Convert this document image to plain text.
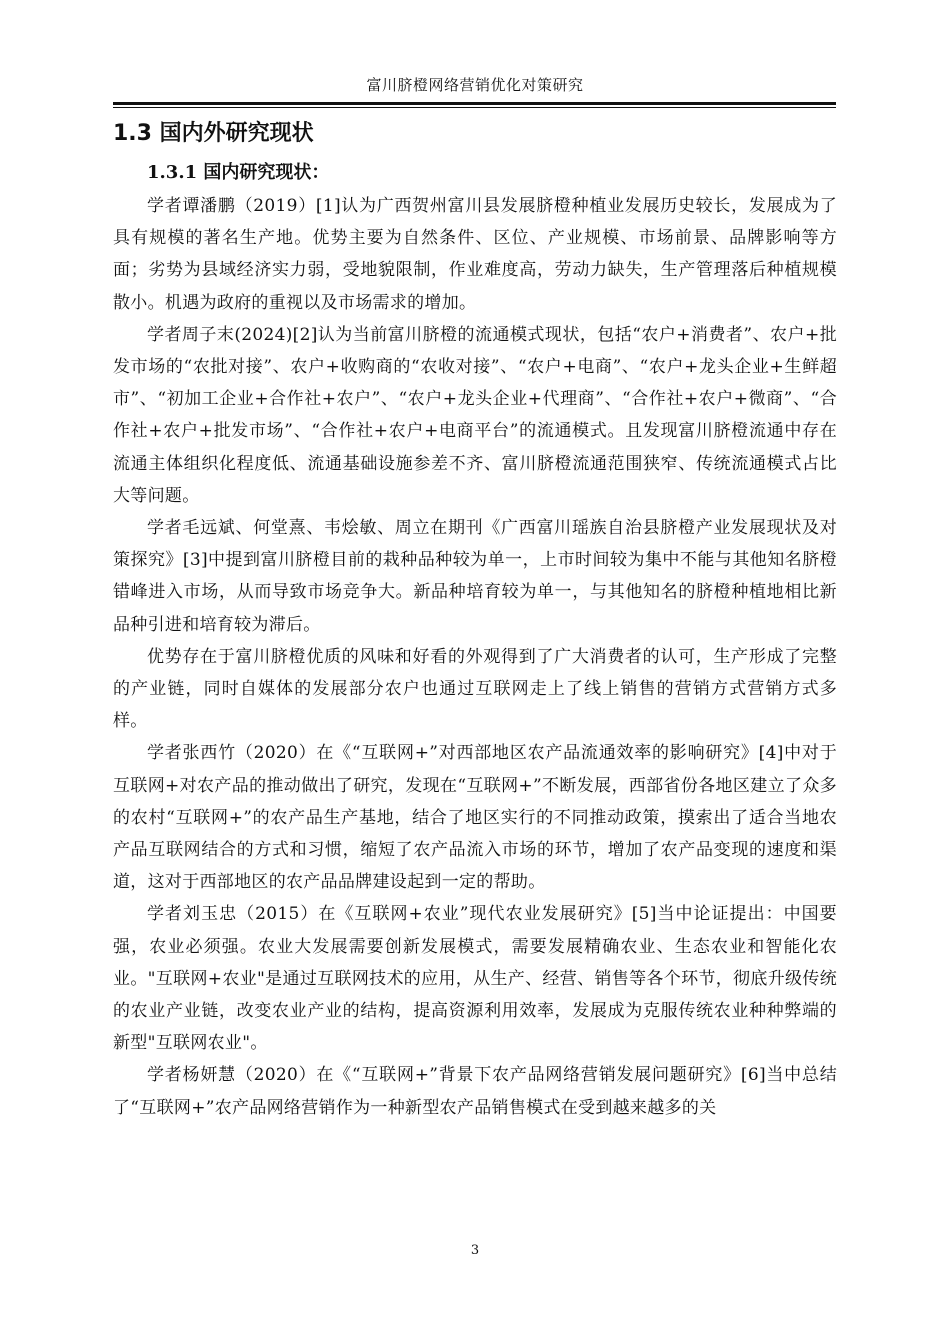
富川脐橙网络营销优化对策研究
1.3 国内外研究现状
1.3.1 国内研究现状：

学者谭潘鹏（2019）[1]认为广西贺州富川县发展脐橙种植业发展历史较长，发展成为了具有规模的著名生产地。优势主要为自然条件、区位、产业规模、市场前景、品牌影响等方面；劣势为县域经济实力弱，受地貌限制，作业难度高，劳动力缺失，生产管理落后种植规模散小。机遇为政府的重视以及市场需求的增加。

学者周子末(2024)[2]认为当前富川脐橙的流通模式现状，包括“农户+消费者”、农户+批发市场的“农批对接”、农户+收购商的“农收对接”、“农户+电商”、“农户+龙头企业+生鲜超市”、“初加工企业+合作社+农户”、“农户+龙头企业+代理商”、“合作社+农户+微商”、“合作社+农户+批发市场”、“合作社+农户+电商平台”的流通模式。且发现富川脐橙流通中存在流通主体组织化程度低、流通基础设施参差不齐、富川脐橙流通范围狭窄、传统流通模式占比大等问题。

学者毛远斌、何堂熹、韦烩敏、周立在期刊《广西富川瑶族自治县脐橙产业发展现状及对策探究》[3]中提到富川脐橙目前的栽种品种较为单一，上市时间较为集中不能与其他知名脐橙错峰进入市场，从而导致市场竞争大。新品种培育较为单一，与其他知名的脐橙种植地相比新品种引进和培育较为滞后。

优势存在于富川脐橙优质的风味和好看的外观得到了广大消费者的认可，生产形成了完整的产业链，同时自媒体的发展部分农户也通过互联网走上了线上销售的营销方式营销方式多样。

学者张西竹（2020）在《“互联网+”对西部地区农产品流通效率的影响研究》[4]中对于互联网+对农产品的推动做出了研究，发现在“互联网+”不断发展，西部省份各地区建立了众多的农村“互联网+”的农产品生产基地，结合了地区实行的不同推动政策，摸索出了适合当地农产品互联网结合的方式和习惯，缩短了农产品流入市场的环节，增加了农产品变现的速度和渠道，这对于西部地区的农产品品牌建设起到一定的帮助。

学者刘玉忠（2015）在《互联网+农业”现代农业发展研究》[5]当中论证提出：中国要强，农业必须强。农业大发展需要创新发展模式，需要发展精确农业、生态农业和智能化农业。"互联网+农业"是通过互联网技术的应用，从生产、经营、销售等各个环节，彻底升级传统的农业产业链，改变农业产业的结构，提高资源利用效率，发展成为克服传统农业种种弊端的新型"互联网农业"。

学者杨妍慧（2020）在《“互联网+”背景下农产品网络营销发展问题研究》[6]当中总结了“互联网+”农产品网络营销作为一种新型农产品销售模式在受到越来越多的关

3
